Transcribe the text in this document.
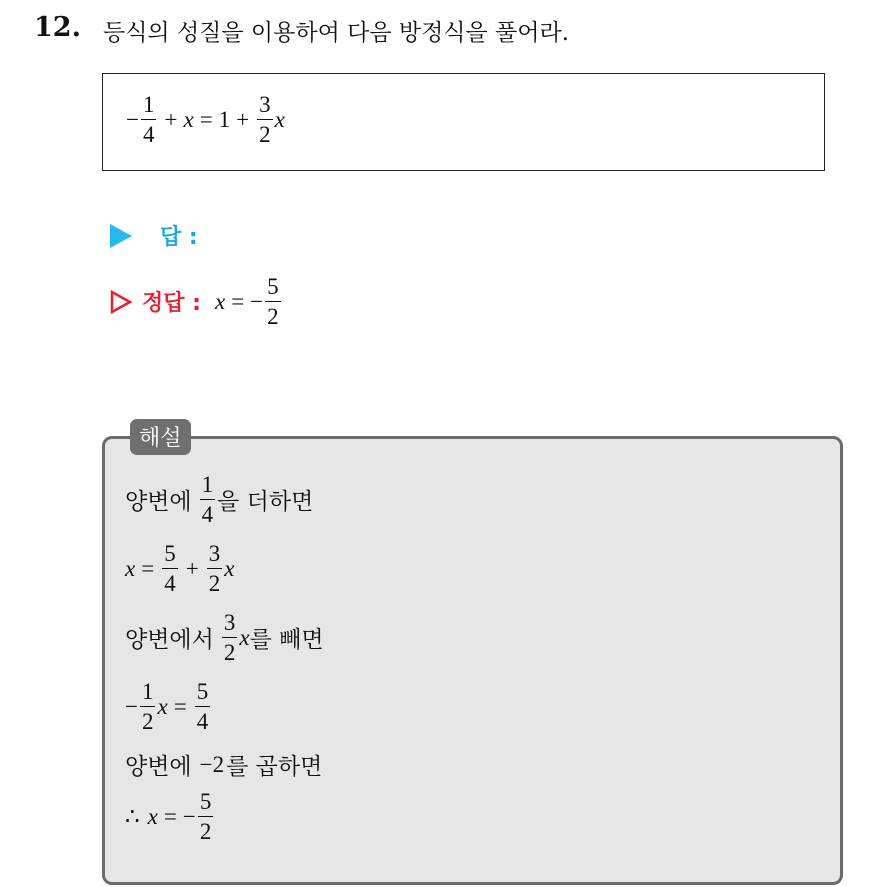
12. 등식의 성질을 이용하여 다음 방정식을 풀어라.
− $\frac{1}{4} + x = 1 + \frac{3}{2}$ x
답 :
정답 : x = − $\frac{5}{2}$
해설
양변에 $\frac{1}{4}$ 을 더하면
$x = \frac{5}{4} + \frac{3}{2}$ x
양변에서 $\frac{3}{2}$ x 를 빼면
− $\frac{1}{2}$ $x = \frac{5}{4}$
양변에 −2 를 곱하면
∴ x = − $\frac{5}{2}$
